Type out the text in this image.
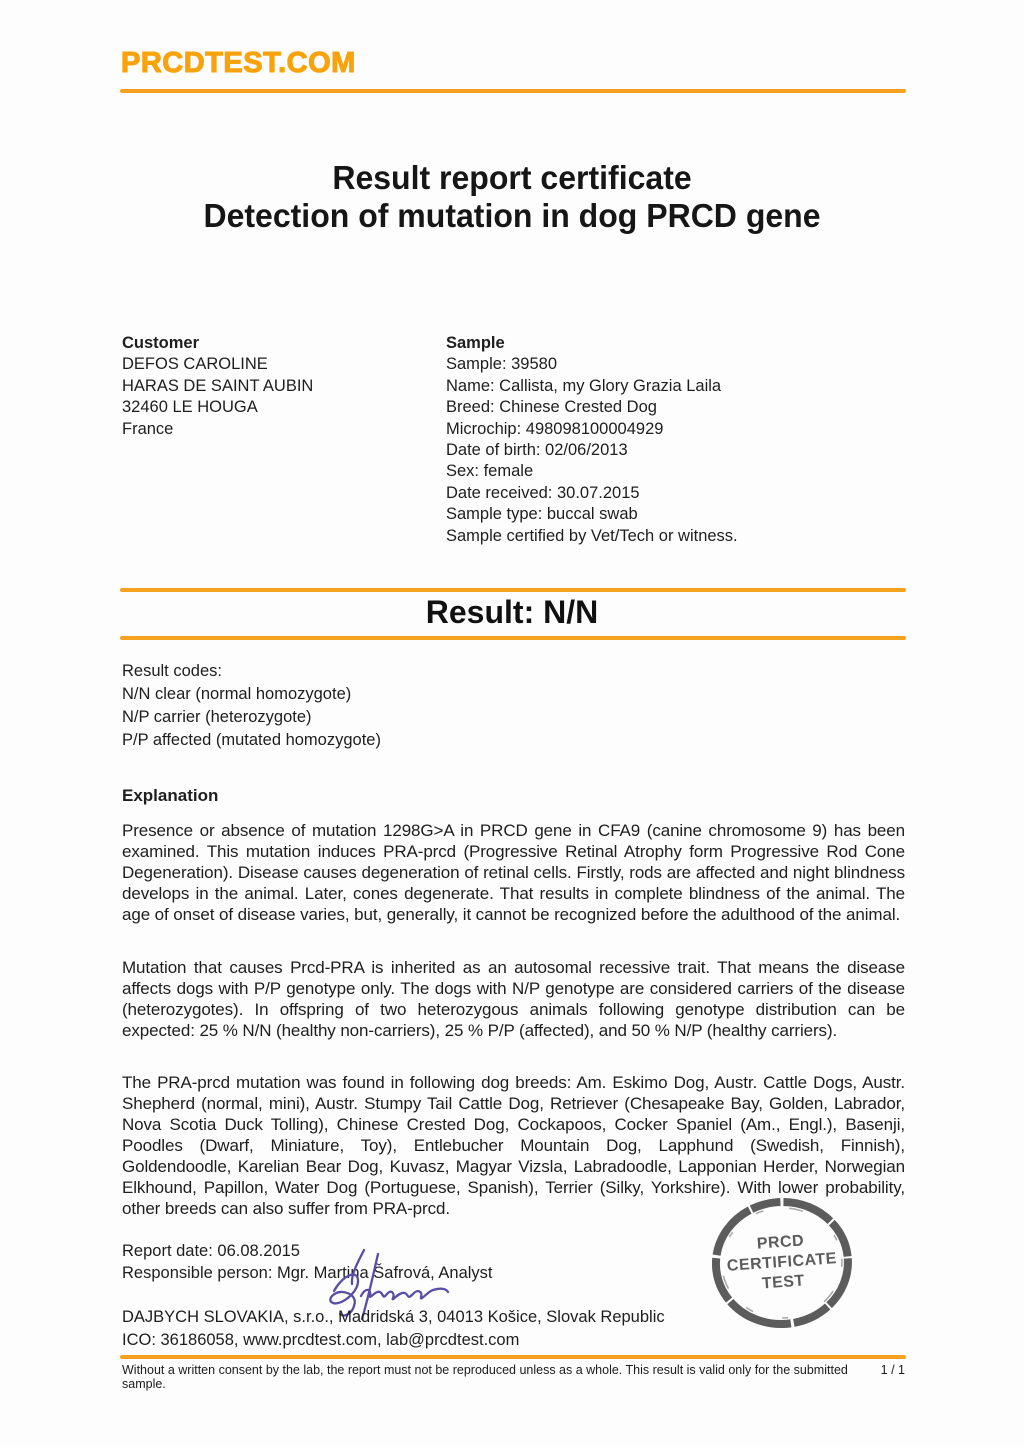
PRCDTEST.COM
Result report certificate
Detection of mutation in dog PRCD gene
Customer
DEFOS CAROLINE
HARAS DE SAINT AUBIN
32460 LE HOUGA
France
Sample
Sample: 39580
Name: Callista, my Glory Grazia Laila
Breed: Chinese Crested Dog
Microchip: 498098100004929
Date of birth: 02/06/2013
Sex: female
Date received: 30.07.2015
Sample type: buccal swab
Sample certified by Vet/Tech or witness.
Result: N/N
Result codes:
N/N clear (normal homozygote)
N/P carrier (heterozygote)
P/P affected (mutated homozygote)
Explanation
Presence or absence of mutation 1298G>A in PRCD gene in CFA9 (canine chromosome 9) has been examined. This mutation induces PRA-prcd (Progressive Retinal Atrophy form Progressive Rod Cone Degeneration). Disease causes degeneration of retinal cells. Firstly, rods are affected and night blindness develops in the animal. Later, cones degenerate. That results in complete blindness of the animal. The age of onset of disease varies, but, generally, it cannot be recognized before the adulthood of the animal.
Mutation that causes Prcd-PRA is inherited as an autosomal recessive trait. That means the disease affects dogs with P/P genotype only. The dogs with N/P genotype are considered carriers of the disease (heterozygotes). In offspring of two heterozygous animals following genotype distribution can be expected: 25 % N/N (healthy non-carriers), 25 % P/P (affected), and 50 % N/P (healthy carriers).
The PRA-prcd mutation was found in following dog breeds: Am. Eskimo Dog, Austr. Cattle Dogs, Austr. Shepherd (normal, mini), Austr. Stumpy Tail Cattle Dog, Retriever (Chesapeake Bay, Golden, Labrador, Nova Scotia Duck Tolling), Chinese Crested Dog, Cockapoos, Cocker Spaniel (Am., Engl.), Basenji, Poodles (Dwarf, Miniature, Toy), Entlebucher Mountain Dog, Lapphund (Swedish, Finnish), Goldendoodle, Karelian Bear Dog, Kuvasz, Magyar Vizsla, Labradoodle, Lapponian Herder, Norwegian Elkhound, Papillon, Water Dog (Portuguese, Spanish), Terrier (Silky, Yorkshire). With lower probability, other breeds can also suffer from PRA-prcd.
Report date: 06.08.2015
Responsible person: Mgr. Martina Šafrová, Analyst
DAJBYCH SLOVAKIA, s.r.o., Madridská 3, 04013 Košice, Slovak Republic
ICO: 36186058, www.prcdtest.com, lab@prcdtest.com
PRCD
CERTIFICATE
TEST
Without a written consent by the lab, the report must not be reproduced unless as a whole. This result is valid only for the submitted sample.
1 / 1
